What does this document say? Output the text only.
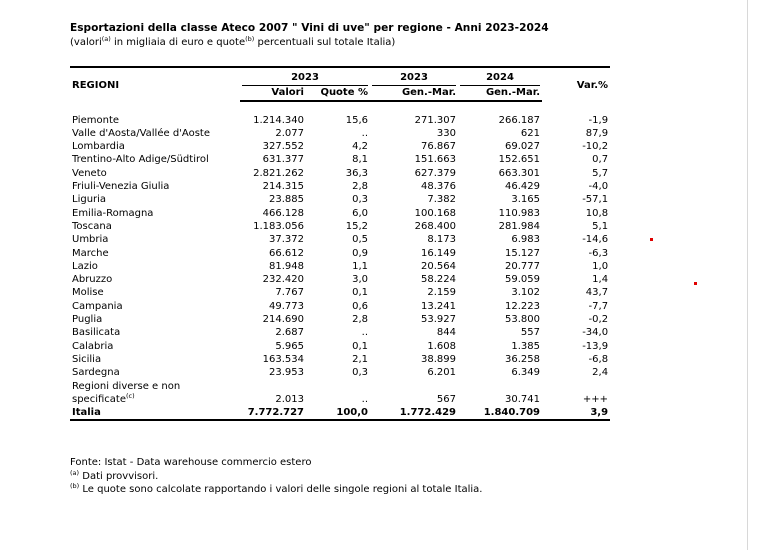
Esportazioni della classe Ateco 2007 " Vini di uve" per regione - Anni 2023-2024

(valori$^{(a)}$ in migliaia di euro e quote$^{(b)}$ percentuali sul totale Italia)

REGIONI	2023		2023	2024	Var.%
	Valori	Quote %	Gen.-Mar.	Gen.-Mar.	

Piemonte	1.214.340	15,6	271.307	266.187	-1,9
Valle d'Aosta/Vallée d'Aoste	2.077	..	330	621	87,9
Lombardia	327.552	4,2	76.867	69.027	-10,2
Trentino-Alto Adige/Südtirol	631.377	8,1	151.663	152.651	0,7
Veneto	2.821.262	36,3	627.379	663.301	5,7
Friuli-Venezia Giulia	214.315	2,8	48.376	46.429	-4,0
Liguria	23.885	0,3	7.382	3.165	-57,1
Emilia-Romagna	466.128	6,0	100.168	110.983	10,8
Toscana	1.183.056	15,2	268.400	281.984	5,1
Umbria	37.372	0,5	8.173	6.983	-14,6
Marche	66.612	0,9	16.149	15.127	-6,3
Lazio	81.948	1,1	20.564	20.777	1,0
Abruzzo	232.420	3,0	58.224	59.059	1,4
Molise	7.767	0,1	2.159	3.102	43,7
Campania	49.773	0,6	13.241	12.223	-7,7
Puglia	214.690	2,8	53.927	53.800	-0,2
Basilicata	2.687	..	844	557	-34,0
Calabria	5.965	0,1	1.608	1.385	-13,9
Sicilia	163.534	2,1	38.899	36.258	-6,8
Sardegna	23.953	0,3	6.201	6.349	2,4
Regioni diverse e non					
specificate$^{(c)}$	2.013	..	567	30.741	+++
Italia	7.772.727	100,0	1.772.429	1.840.709	3,9
Fonte: Istat - Data warehouse commercio estero
$^{(a)}$ Dati provvisori.
$^{(b)}$ Le quote sono calcolate rapportando i valori delle singole regioni al totale Italia.
